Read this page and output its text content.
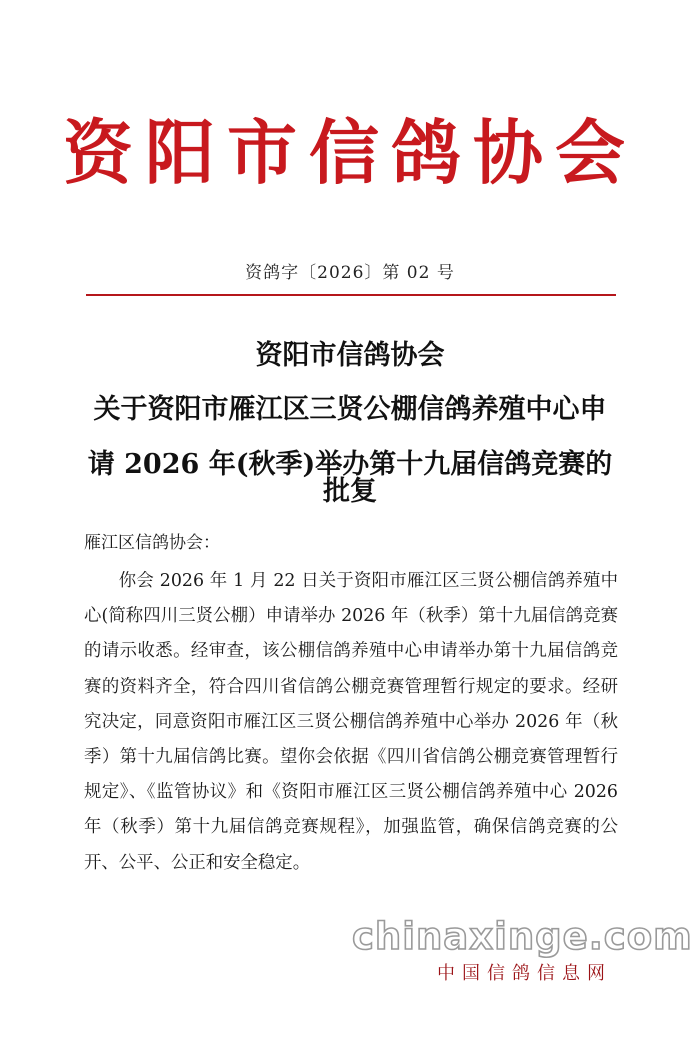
资阳市信鸽协会
资鸽字〔2026〕第 02 号
资阳市信鸽协会
关于资阳市雁江区三贤公棚信鸽养殖中心申
请 2026 年(秋季)举办第十九届信鸽竞赛的批复
雁江区信鸽协会：

你会 2026 年 1 月 22 日关于资阳市雁江区三贤公棚信鸽养殖中心(简称四川三贤公棚）申请举办 2026 年（秋季）第十九届信鸽竞赛的请示收悉。经审查，该公棚信鸽养殖中心申请举办第十九届信鸽竞赛的资料齐全，符合四川省信鸽公棚竞赛管理暂行规定的要求。经研究决定，同意资阳市雁江区三贤公棚信鸽养殖中心举办 2026 年（秋季）第十九届信鸽比赛。望你会依据《四川省信鸽公棚竞赛管理暂行规定》、《监管协议》和《资阳市雁江区三贤公棚信鸽养殖中心 2026 年（秋季）第十九届信鸽竞赛规程》，加强监管，确保信鸽竞赛的公开、公平、公正和安全稳定。

chinaxinge.com
中国信鸽信息网
